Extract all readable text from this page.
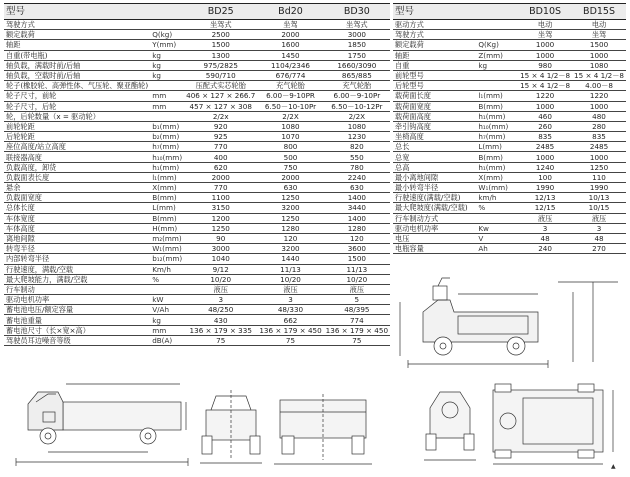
型号		BD25	Bd20	BD30
驾驶方式		坐驾式	坐驾	坐驾式
额定载荷	Q(kg)	2500	2000	3000
轴距	Y(mm)	1500	1600	1850
自重(带电瓶)	kg	1300	1450	1750
轴负载，满载时前/后轴	kg	975/2825	1104/2346	1660/3090
轴负载，空载时前/后轴	kg	590/710	676/774	865/885
轮子(橡胶轮、高弹性体、气压轮、聚亚酯轮)		压配式实芯轮胎	充气轮胎	充气轮胎
轮子尺寸，前轮	mm	406 × 127 × 266.7	6.00－9-10PR	6.00－9-10Pr
轮子尺寸，后轮	mm	457 × 127 × 308	6.50－10-10Pr	6.50－10-12Pr
轮，后轮数量（x = 驱动轮）		2/2x	2/2X	2/2X
前轮轮距	b₁(mm)	920	1080	1080
后轮轮距	b₂(mm)	925	1070	1230
座位高度/站立高度	h₇(mm)	770	800	820
联接器高度	h₁₀(mm)	400	500	550
负载高度，卸货	h₁(mm)	620	750	780
负载面表长度	l₁(mm)	2000	2000	2240
悬余	X(mm)	770	630	630
负载面宽度	B(mm)	1100	1250	1400
总体长度	L(mm)	3150	3200	3440
车体宽度	B(mm)	1200	1250	1400
车体高度	H(mm)	1250	1280	1280
离地间隙	m₂(mm)	90	120	120
转弯半径	W₁(mm)	3000	3200	3600
内部转弯半径	b₁₂(mm)	1040	1440	1500
行驶速度，满载/空载	Km/h	9/12	11/13	11/13
最大爬坡能力，满载/空载	%	10/20	10/20	10/20
行车制动		液压	液压	液压
驱动电机功率	kW	3	3	5
蓄电池电压/额定容量	V/Ah	48/250	48/330	48/395
蓄电池重量	kg	430	662	774
蓄电池尺寸（长×宽×高）	mm	136 × 179 × 335	136 × 179 × 450	136 × 179 × 450
驾驶员耳边噪音等级	dB(A)	75	75	75
型号		BD10S	BD15S
驱动方式		电动	电动
驾驶方式		坐驾	坐驾
额定载荷	Q(Kg)	1000	1500
轴距	Z(mm)	1000	1000
自重	kg	980	1080
前轮型号		15 × 4 1/2－8	15 × 4 1/2－8
后轮型号		15 × 4 1/2－8	4.00－8
载荷面长度	l₁(mm)	1220	1220
载荷面宽度	B(mm)	1000	1000
载荷面高度	h₁(mm)	460	480
牵引钩高度	h₁₀(mm)	260	280
坐椅高度	h₇(mm)	835	835
总长	L(mm)	2485	2485
总宽	B(mm)	1000	1000
总高	h₁(mm)	1240	1250
最小离地间隙	X(mm)	100	110
最小转弯半径	W₁(mm)	1990	1990
行驶速度(满载/空载)	km/h	12/13	10/13
最大爬坡度(满载/空载)	%	12/15	10/15
行车制动方式		液压	液压
驱动电机功率	Kw	3	3
电压	V	48	48
电瓶容量	Ah	240	270
▲
